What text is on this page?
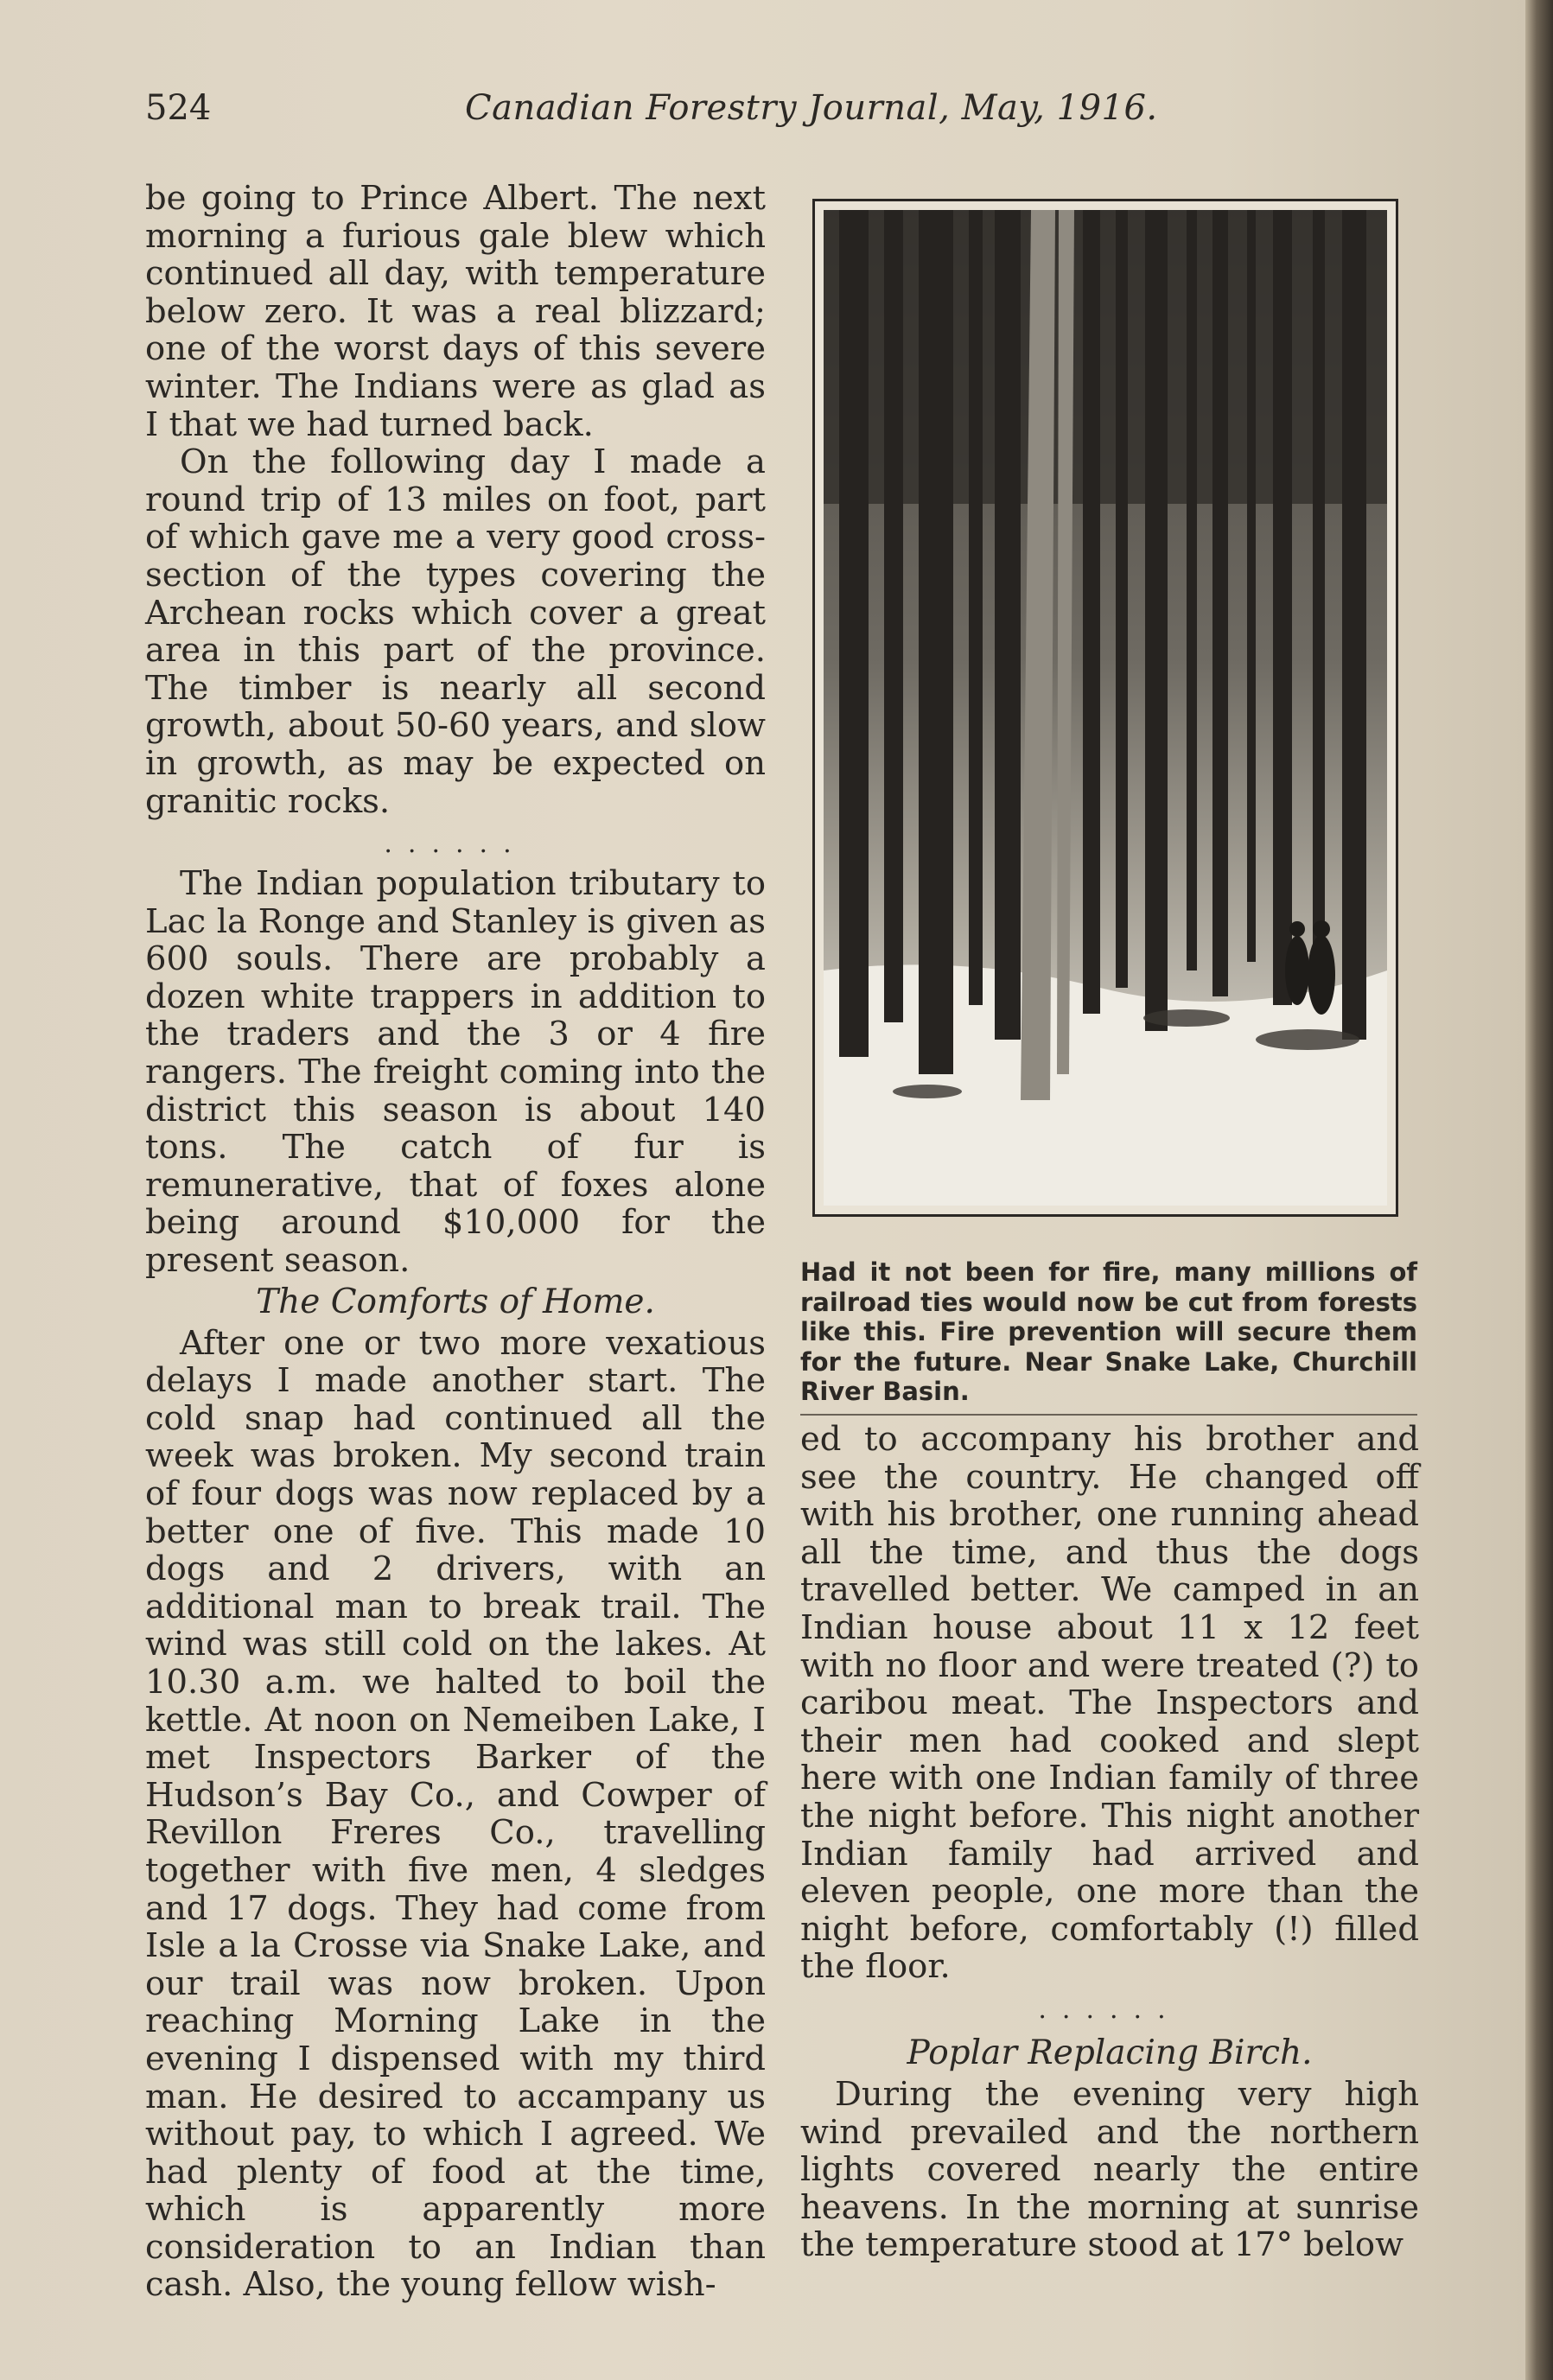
524	Canadian Forestry Journal, May, 1916.

be going to Prince Albert. The next morning a furious gale blew which continued all day, with temperature below zero. It was a real blizzard; one of the worst days of this severe winter. The Indians were as glad as I that we had turned back.

On the following day I made a round trip of 13 miles on foot, part of which gave me a very good cross-section of the types covering the Archean rocks which cover a great area in this part of the province. The timber is nearly all second growth, about 50-60 years, and slow in growth, as may be expected on granitic rocks.

......

The Indian population tributary to Lac la Ronge and Stanley is given as 600 souls. There are probably a dozen white trappers in addition to the traders and the 3 or 4 fire rangers. The freight coming into the district this season is about 140 tons. The catch of fur is remunerative, that of foxes alone being around $10,000 for the present season.

The Comforts of Home.

After one or two more vexatious delays I made another start. The cold snap had continued all the week was broken. My second train of four dogs was now replaced by a better one of five. This made 10 dogs and 2 drivers, with an additional man to break trail. The wind was still cold on the lakes. At 10.30 a.m. we halted to boil the kettle. At noon on Nemeiben Lake, I met Inspectors Barker of the Hudson’s Bay Co., and Cowper of Revillon Freres Co., travelling together with five men, 4 sledges and 17 dogs. They had come from Isle a la Crosse via Snake Lake, and our trail was now broken. Upon reaching Morning Lake in the evening I dispensed with my third man. He desired to accampany us without pay, to which I agreed. We had plenty of food at the time, which is apparently more consideration to an Indian than cash. Also, the young fellow wish-

Had it not been for fire, many millions of railroad ties would now be cut from forests like this. Fire prevention will secure them for the future. Near Snake Lake, Churchill River Basin.

ed to accompany his brother and see the country. He changed off with his brother, one running ahead all the time, and thus the dogs travelled better. We camped in an Indian house about 11 x 12 feet with no floor and were treated (?) to caribou meat. The Inspectors and their men had cooked and slept here with one Indian family of three the night before. This night another Indian family had arrived and eleven people, one more than the night before, comfortably (!) filled the floor.

......
Poplar Replacing Birch.

During the evening very high wind prevailed and the northern lights covered nearly the entire heavens. In the morning at sunrise the temperature stood at 17° below
